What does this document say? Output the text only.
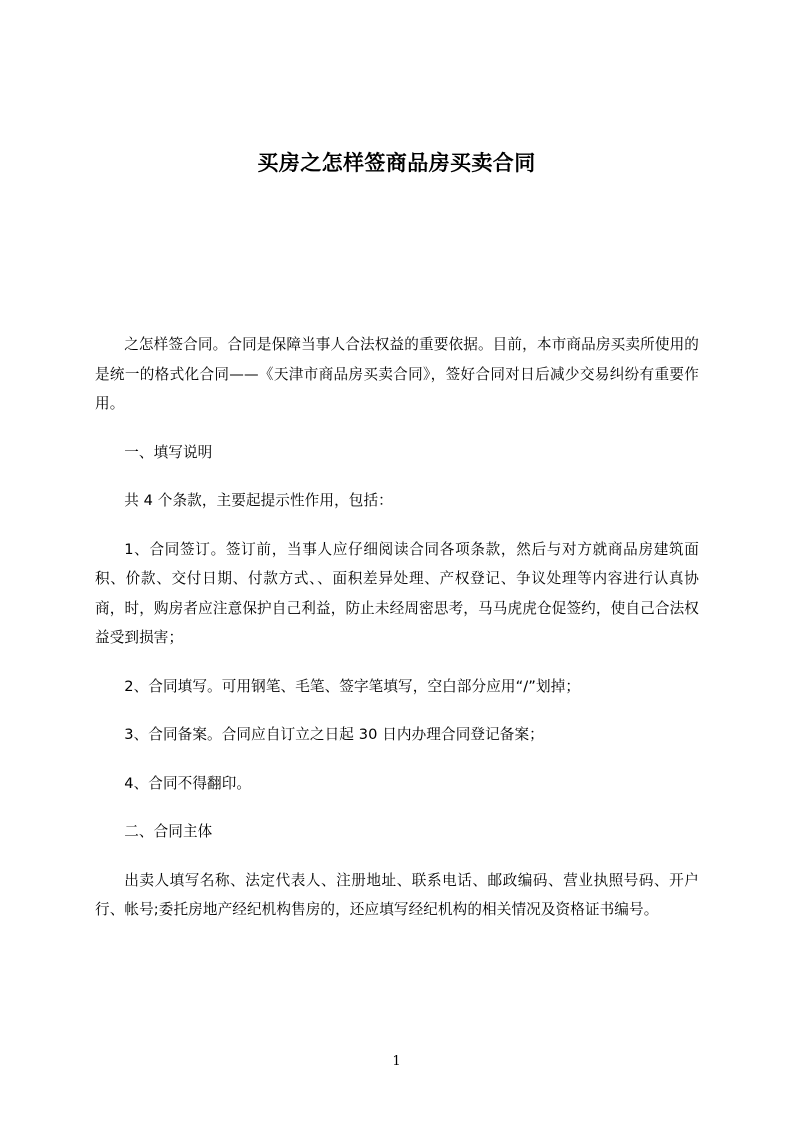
买房之怎样签商品房买卖合同

之怎样签合同。合同是保障当事人合法权益的重要依据。目前，本市商品房买卖所使用的是统一的格式化合同——《天津市商品房买卖合同》，签好合同对日后减少交易纠纷有重要作用。

一、填写说明

共 4 个条款，主要起提示性作用，包括：

1、合同签订。签订前，当事人应仔细阅读合同各项条款，然后与对方就商品房建筑面积、价款、交付日期、付款方式、、面积差异处理、产权登记、争议处理等内容进行认真协商，时，购房者应注意保护自己利益，防止未经周密思考，马马虎虎仓促签约，使自己合法权益受到损害；

2、合同填写。可用钢笔、毛笔、签字笔填写，空白部分应用“/”划掉；

3、合同备案。合同应自订立之日起 30 日内办理合同登记备案；

4、合同不得翻印。

二、合同主体

出卖人填写名称、法定代表人、注册地址、联系电话、邮政编码、营业执照号码、开户行、帐号;委托房地产经纪机构售房的，还应填写经纪机构的相关情况及资格证书编号。

1
